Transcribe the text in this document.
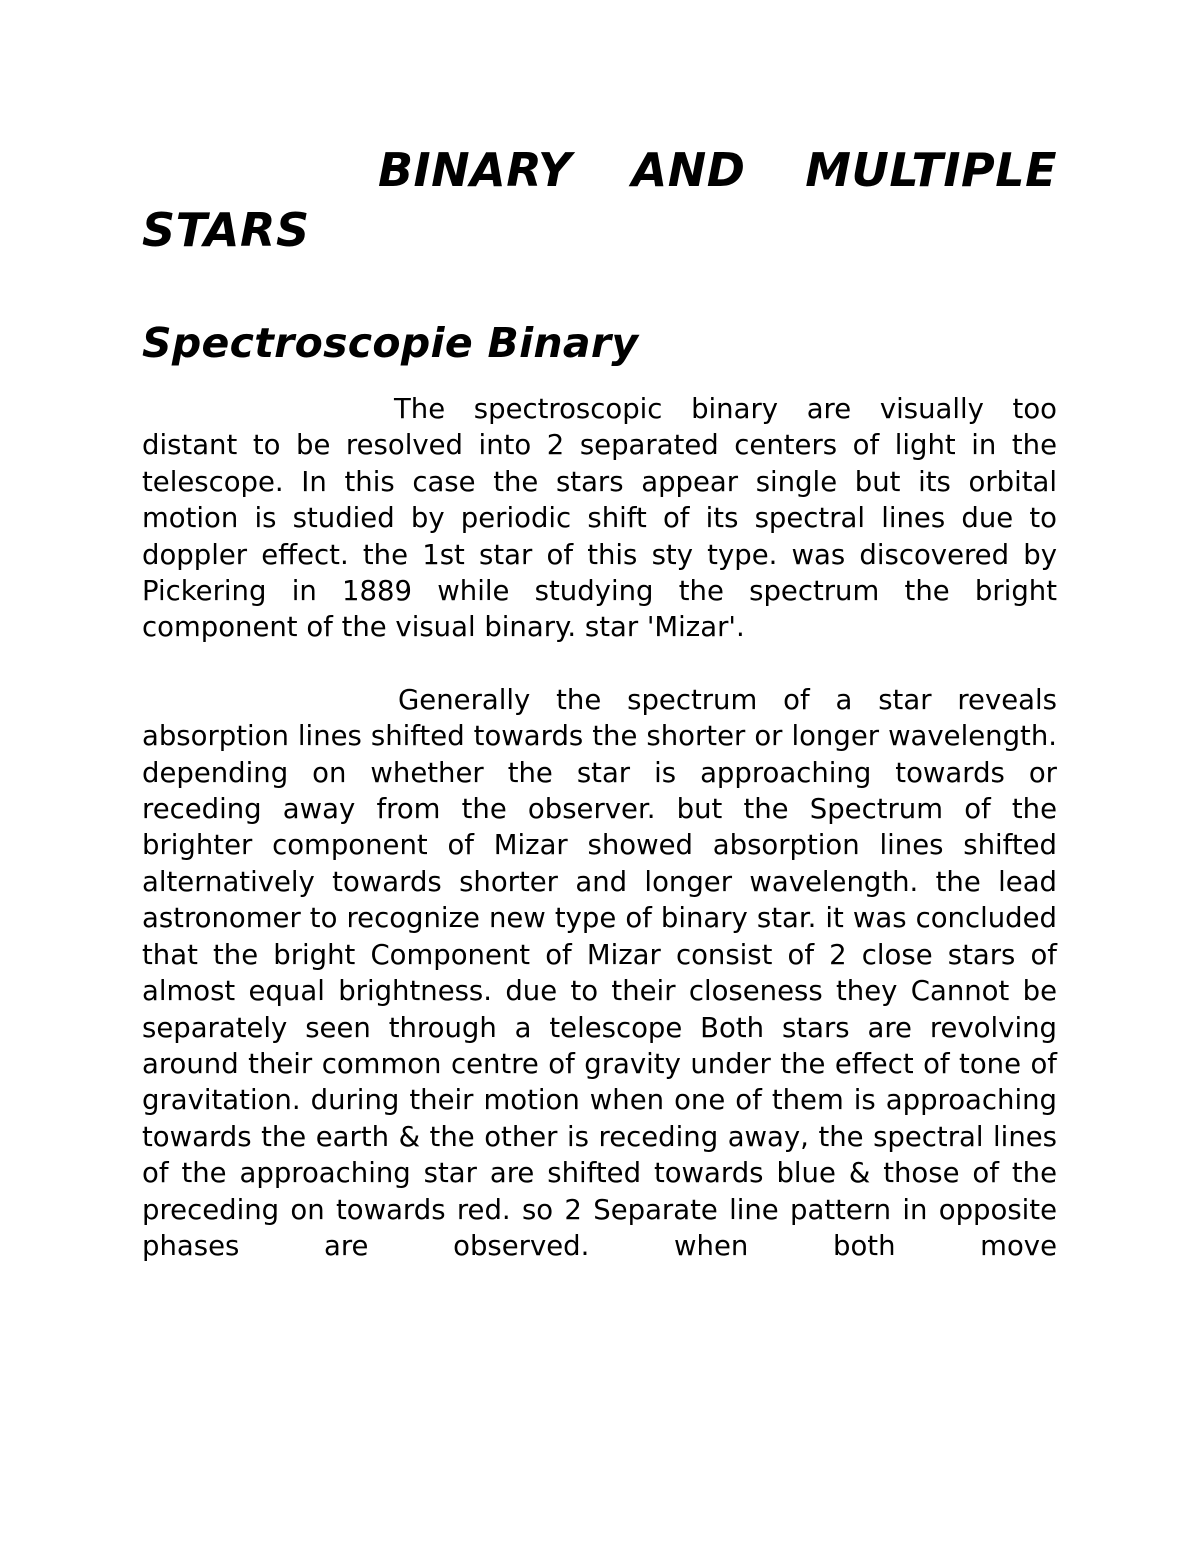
BINARY AND MULTIPLE STARS
Spectroscopie Binary

The spectroscopic binary are visually too distant to be resolved into 2 separated centers of light in the telescope. In this case the stars appear single but its orbital motion is studied by periodic shift of its spectral lines due to doppler effect. the 1st star of this sty type. was discovered by Pickering in 1889 while studying the spectrum the bright component of the visual binary. star 'Mizar'.

Generally the spectrum of a star reveals absorption lines shifted towards the shorter or longer wavelength. depending on whether the star is approaching towards or receding away from the observer. but the Spectrum of the brighter component of Mizar showed absorption lines shifted alternatively towards shorter and longer wavelength. the lead astronomer to recognize new type of binary star. it was concluded that the bright Component of Mizar consist of 2 close stars of almost equal brightness. due to their closeness they Cannot be separately seen through a telescope Both stars are revolving around their common centre of gravity under the effect of tone of gravitation. during their motion when one of them is approaching towards the earth & the other is receding away, the spectral lines of the approaching star are shifted towards blue & those of the preceding on towards red. so 2 Separate line pattern in opposite phases are observed. when both move
